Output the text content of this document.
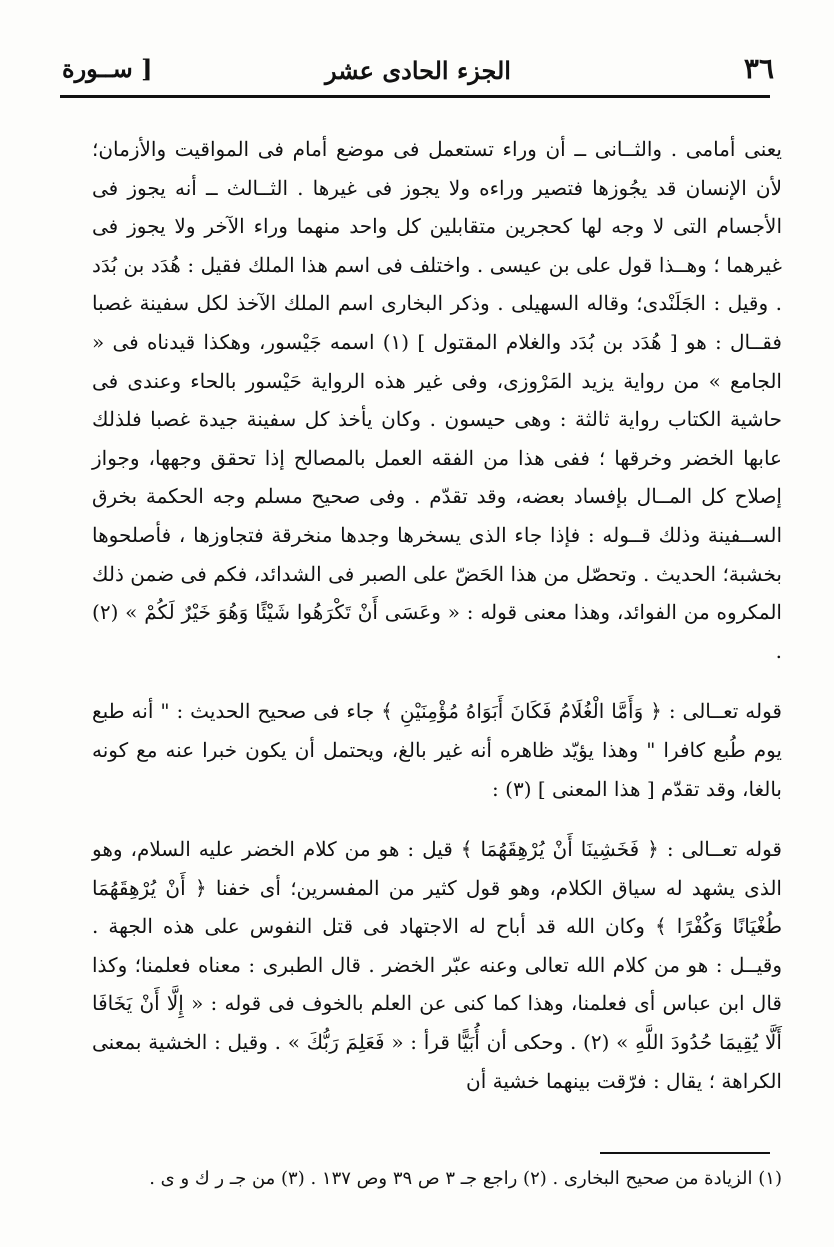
٣٦
الجزء الحادى عشر
[ ســورة

يعنى أمامى . والثــانى ــ أن وراء تستعمل فى موضع أمام فى المواقيت والأزمان؛ لأن الإنسان قد يجُوزها فتصير وراءه ولا يجوز فى غيرها . الثــالث ــ أنه يجوز فى الأجسام التى لا وجه لها كحجرين متقابلين كل واحد منهما وراء الآخر ولا يجوز فى غيرهما ؛ وهــذا قول على بن عيسى . واختلف فى اسم هذا الملك فقيل : هُدَد بن بُدَد . وقيل : الجَلَنْدى؛ وقاله السهيلى . وذكر البخارى اسم الملك الآخذ لكل سفينة غصبا فقــال : هو [ هُدَد بن بُدَد والغلام المقتول ] (١) اسمه جَيْسور، وهكذا قيدناه فى « الجامع » من رواية يزيد المَرْوزى، وفى غير هذه الرواية حَيْسور بالحاء وعندى فى حاشية الكتاب رواية ثالثة : وهى حيسون . وكان يأخذ كل سفينة جيدة غصبا فلذلك عابها الخضر وخرقها ؛ ففى هذا من الفقه العمل بالمصالح إذا تحقق وجهها، وجواز إصلاح كل المــال بإفساد بعضه، وقد تقدّم . وفى صحيح مسلم وجه الحكمة بخرق الســفينة وذلك قــوله : فإذا جاء الذى يسخرها وجدها منخرقة فتجاوزها ، فأصلحوها بخشبة؛ الحديث . وتحصّل من هذا الحَضّ على الصبر فى الشدائد، فكم فى ضمن ذلك المكروه من الفوائد، وهذا معنى قوله : « وعَسَى أَنْ تَكْرَهُوا شَيْئًا وَهُوَ خَيْرٌ لَكُمْ » (٢) .

قوله تعــالى : ﴿ وَأَمَّا الْغُلَامُ فَكَانَ أَبَوَاهُ مُؤْمِنَيْنِ ﴾ جاء فى صحيح الحديث : " أنه طبع يوم طُبع كافرا " وهذا يؤيّد ظاهره أنه غير بالغ، ويحتمل أن يكون خبرا عنه مع كونه بالغا، وقد تقدّم [ هذا المعنى ] (٣) :

قوله تعــالى : ﴿ فَخَشِينَا أَنْ يُرْهِقَهُمَا ﴾ قيل : هو من كلام الخضر عليه السلام، وهو الذى يشهد له سياق الكلام، وهو قول كثير من المفسرين؛ أى خفنا ﴿ أَنْ يُرْهِقَهُمَا طُغْيَانًا وَكُفْرًا ﴾ وكان الله قد أباح له الاجتهاد فى قتل النفوس على هذه الجهة . وقيــل : هو من كلام الله تعالى وعنه عبّر الخضر . قال الطبرى : معناه فعلمنا؛ وكذا قال ابن عباس أى فعلمنا، وهذا كما كنى عن العلم بالخوف فى قوله : « إِلَّا أَنْ يَخَافَا أَلَّا يُقِيمَا حُدُودَ اللَّهِ » (٢) . وحكى أن أُبَيًّا قرأ : « فَعَلِمَ رَبُّكَ » . وقيل : الخشية بمعنى الكراهة ؛ يقال : فرّقت بينهما خشية أن

(١) الزيادة من صحيح البخارى . (٢) راجع جـ ٣ ص ٣٩ وص ١٣٧ . (٣) من جـ ر ك و ى .
